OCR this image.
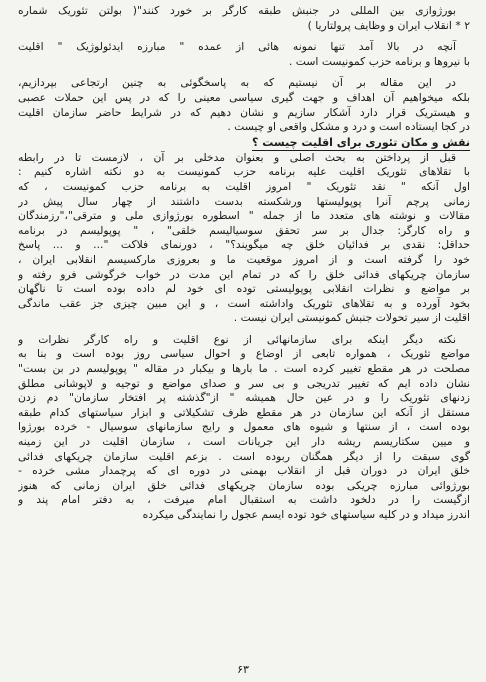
بورژوازی بین المللی در جنبش طبقه کارگر بر خورد کنند"( بولتن تئوریک شماره
۲ * انقلاب ایران و وظایف پرولتاریا )
آنچه در بالا آمد تنها نمونه هائی از عمده " مبارزه ایدئولوژیک " اقلیت
با نیروها و برنامه حزب کمونیست است .
در این مقاله بر آن نیستیم که به پاسخگوئی به چنین ارتجاعی بپردازیم،
بلکه میخواهیم آن اهداف و جهت گیری سیاسی معینی را که در پس این حملات عصبی
و هیستریک قرار دارد آشکار سازیم و نشان دهیم که در شرایط حاضر سازمان اقلیت
در کجا ایستاده است و درد و مشکل واقعی او چیست .
نقش و مکان تئوری برای اقلیت چیست ؟
قبل از پرداختن به بحث اصلی و بعنوان مدخلی بر آن ، لازمست تا در رابطه
با تقلاهای تئوریک اقلیت علیه برنامه حزب کمونیست به دو نکته اشاره کنیم :
اول آنکه " نقد تئوریک " امروز اقلیت به برنامه حزب کمونیست ، که
زمانی پرچم آنرا پوپولیستها ورشکسته بدست داشتند از چهار سال پیش در
مقالات و نوشته های متعدد ما از جمله " اسطوره بورژوازی ملی و مترقی"،"رزمندگان
و راه کارگر: جدال بر سر تحقق سوسیالیسم خلقی" ، " پوپولیسم در برنامه
حداقل: نقدی بر فدائیان خلق چه میگویند؟" ، دورنمای فلاکت "... و ... پاسخ
خود را گرفته است و از امروز موقعیت ما و بعروزی مارکسیسم انقلابی ایران ،
سازمان چریکهای فدائی خلق را که در تمام این مدت در خواب خرگوشی فرو رفته و
بر مواضع و نظرات انقلابی پوپولیستی توده ای خود لم داده بوده است تا ناگهان
بخود آورده و به تقلاهای تئوریک واداشته است ، و این مبین چیزی جز عقب ماندگی
اقلیت از سیر تحولات جنبش کمونیستی ایران نیست .
نکته دیگر اینکه برای سازمانهائی از نوع اقلیت و راه کارگر نظرات و
مواضع تئوریک ، همواره تابعی از اوضاع و احوال سیاسی روز بوده است و بنا به
مصلحت در هر مقطع تغییر کرده است . ما بارها و بیکبار در مقاله " پوپولیسم در بن بست"
نشان داده ایم که تغییر تدریجی و بی سر و صدای مواضع و توجیه و لاپوشانی مطلق
زدنهای تئوریک را و در عین حال همیشه " از"گذشته پر افتخار سازمان" دم زدن
مستقل از آنکه این سازمان در هر مقطع ظرف تشکیلاتی و ابزار سیاستهای کدام طبقه
بوده است ، از سنتها و شیوه های معمول و رایج سازمانهای سوسیال - خرده بورژوا
و میین سکتاریسم ریشه دار این جریانات است ، سازمان اقلیت در این زمینه
گوی سبقت را از دیگر همگنان ربوده است . بزعم اقلیت سازمان چریکهای فدائی
خلق ایران در دوران قبل از انقلاب بهمنی در دوره ای که پرچمدار مشی خرده -
بورژوائی مبارزه چریکی بوده سازمان چریکهای فدائی خلق ایران زمانی که هنوز
ازگیست را در دلخود داشت به استقبال امام میرفت ، به دفتر امام پند و
اندرز میداد و در کلیه سیاستهای خود توده ایسم عجول را نمایندگی میکرده
۶۳
